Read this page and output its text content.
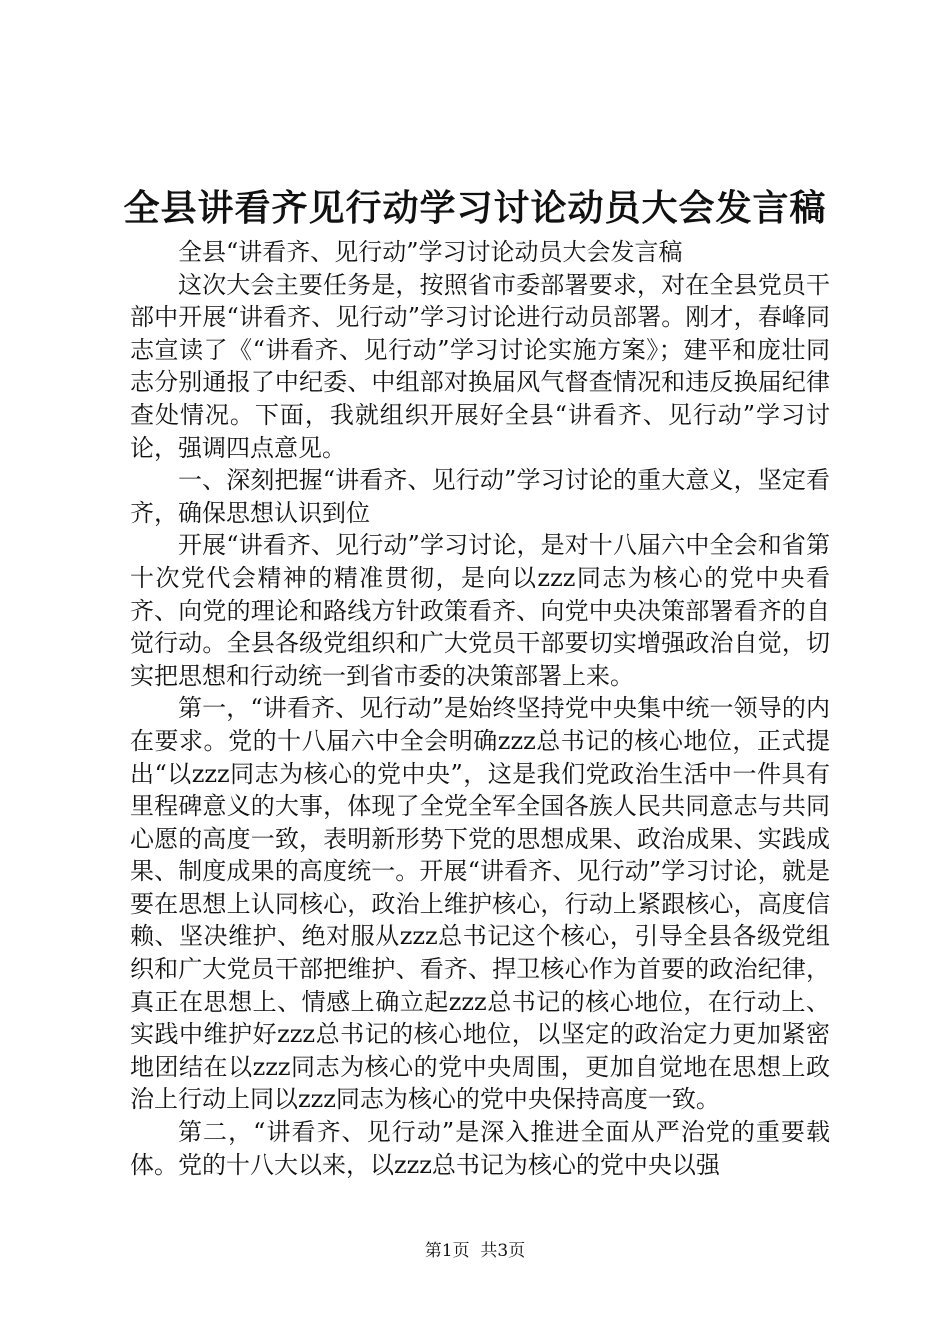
全县讲看齐见行动学习讨论动员大会发言稿

全县“讲看齐、见行动”学习讨论动员大会发言稿

这次大会主要任务是，按照省市委部署要求，对在全县党员干部中开展“讲看齐、见行动”学习讨论进行动员部署。刚才，春峰同志宣读了《“讲看齐、见行动”学习讨论实施方案》；建平和庞壮同志分别通报了中纪委、中组部对换届风气督查情况和违反换届纪律查处情况。下面，我就组织开展好全县“讲看齐、见行动”学习讨论，强调四点意见。

一、深刻把握“讲看齐、见行动”学习讨论的重大意义，坚定看齐，确保思想认识到位

开展“讲看齐、见行动”学习讨论，是对十八届六中全会和省第十次党代会精神的精准贯彻，是向以zzz同志为核心的党中央看齐、向党的理论和路线方针政策看齐、向党中央决策部署看齐的自觉行动。全县各级党组织和广大党员干部要切实增强政治自觉，切实把思想和行动统一到省市委的决策部署上来。

第一，“讲看齐、见行动”是始终坚持党中央集中统一领导的内在要求。党的十八届六中全会明确zzz总书记的核心地位，正式提出“以zzz同志为核心的党中央”，这是我们党政治生活中一件具有里程碑意义的大事，体现了全党全军全国各族人民共同意志与共同心愿的高度一致，表明新形势下党的思想成果、政治成果、实践成果、制度成果的高度统一。开展“讲看齐、见行动”学习讨论，就是要在思想上认同核心，政治上维护核心，行动上紧跟核心，高度信赖、坚决维护、绝对服从zzz总书记这个核心，引导全县各级党组织和广大党员干部把维护、看齐、捍卫核心作为首要的政治纪律，真正在思想上、情感上确立起zzz总书记的核心地位，在行动上、实践中维护好zzz总书记的核心地位，以坚定的政治定力更加紧密地团结在以zzz同志为核心的党中央周围，更加自觉地在思想上政治上行动上同以zzz同志为核心的党中央保持高度一致。

第二，“讲看齐、见行动”是深入推进全面从严治党的重要载体。党的十八大以来，以zzz总书记为核心的党中央以强

第1页 共3页
